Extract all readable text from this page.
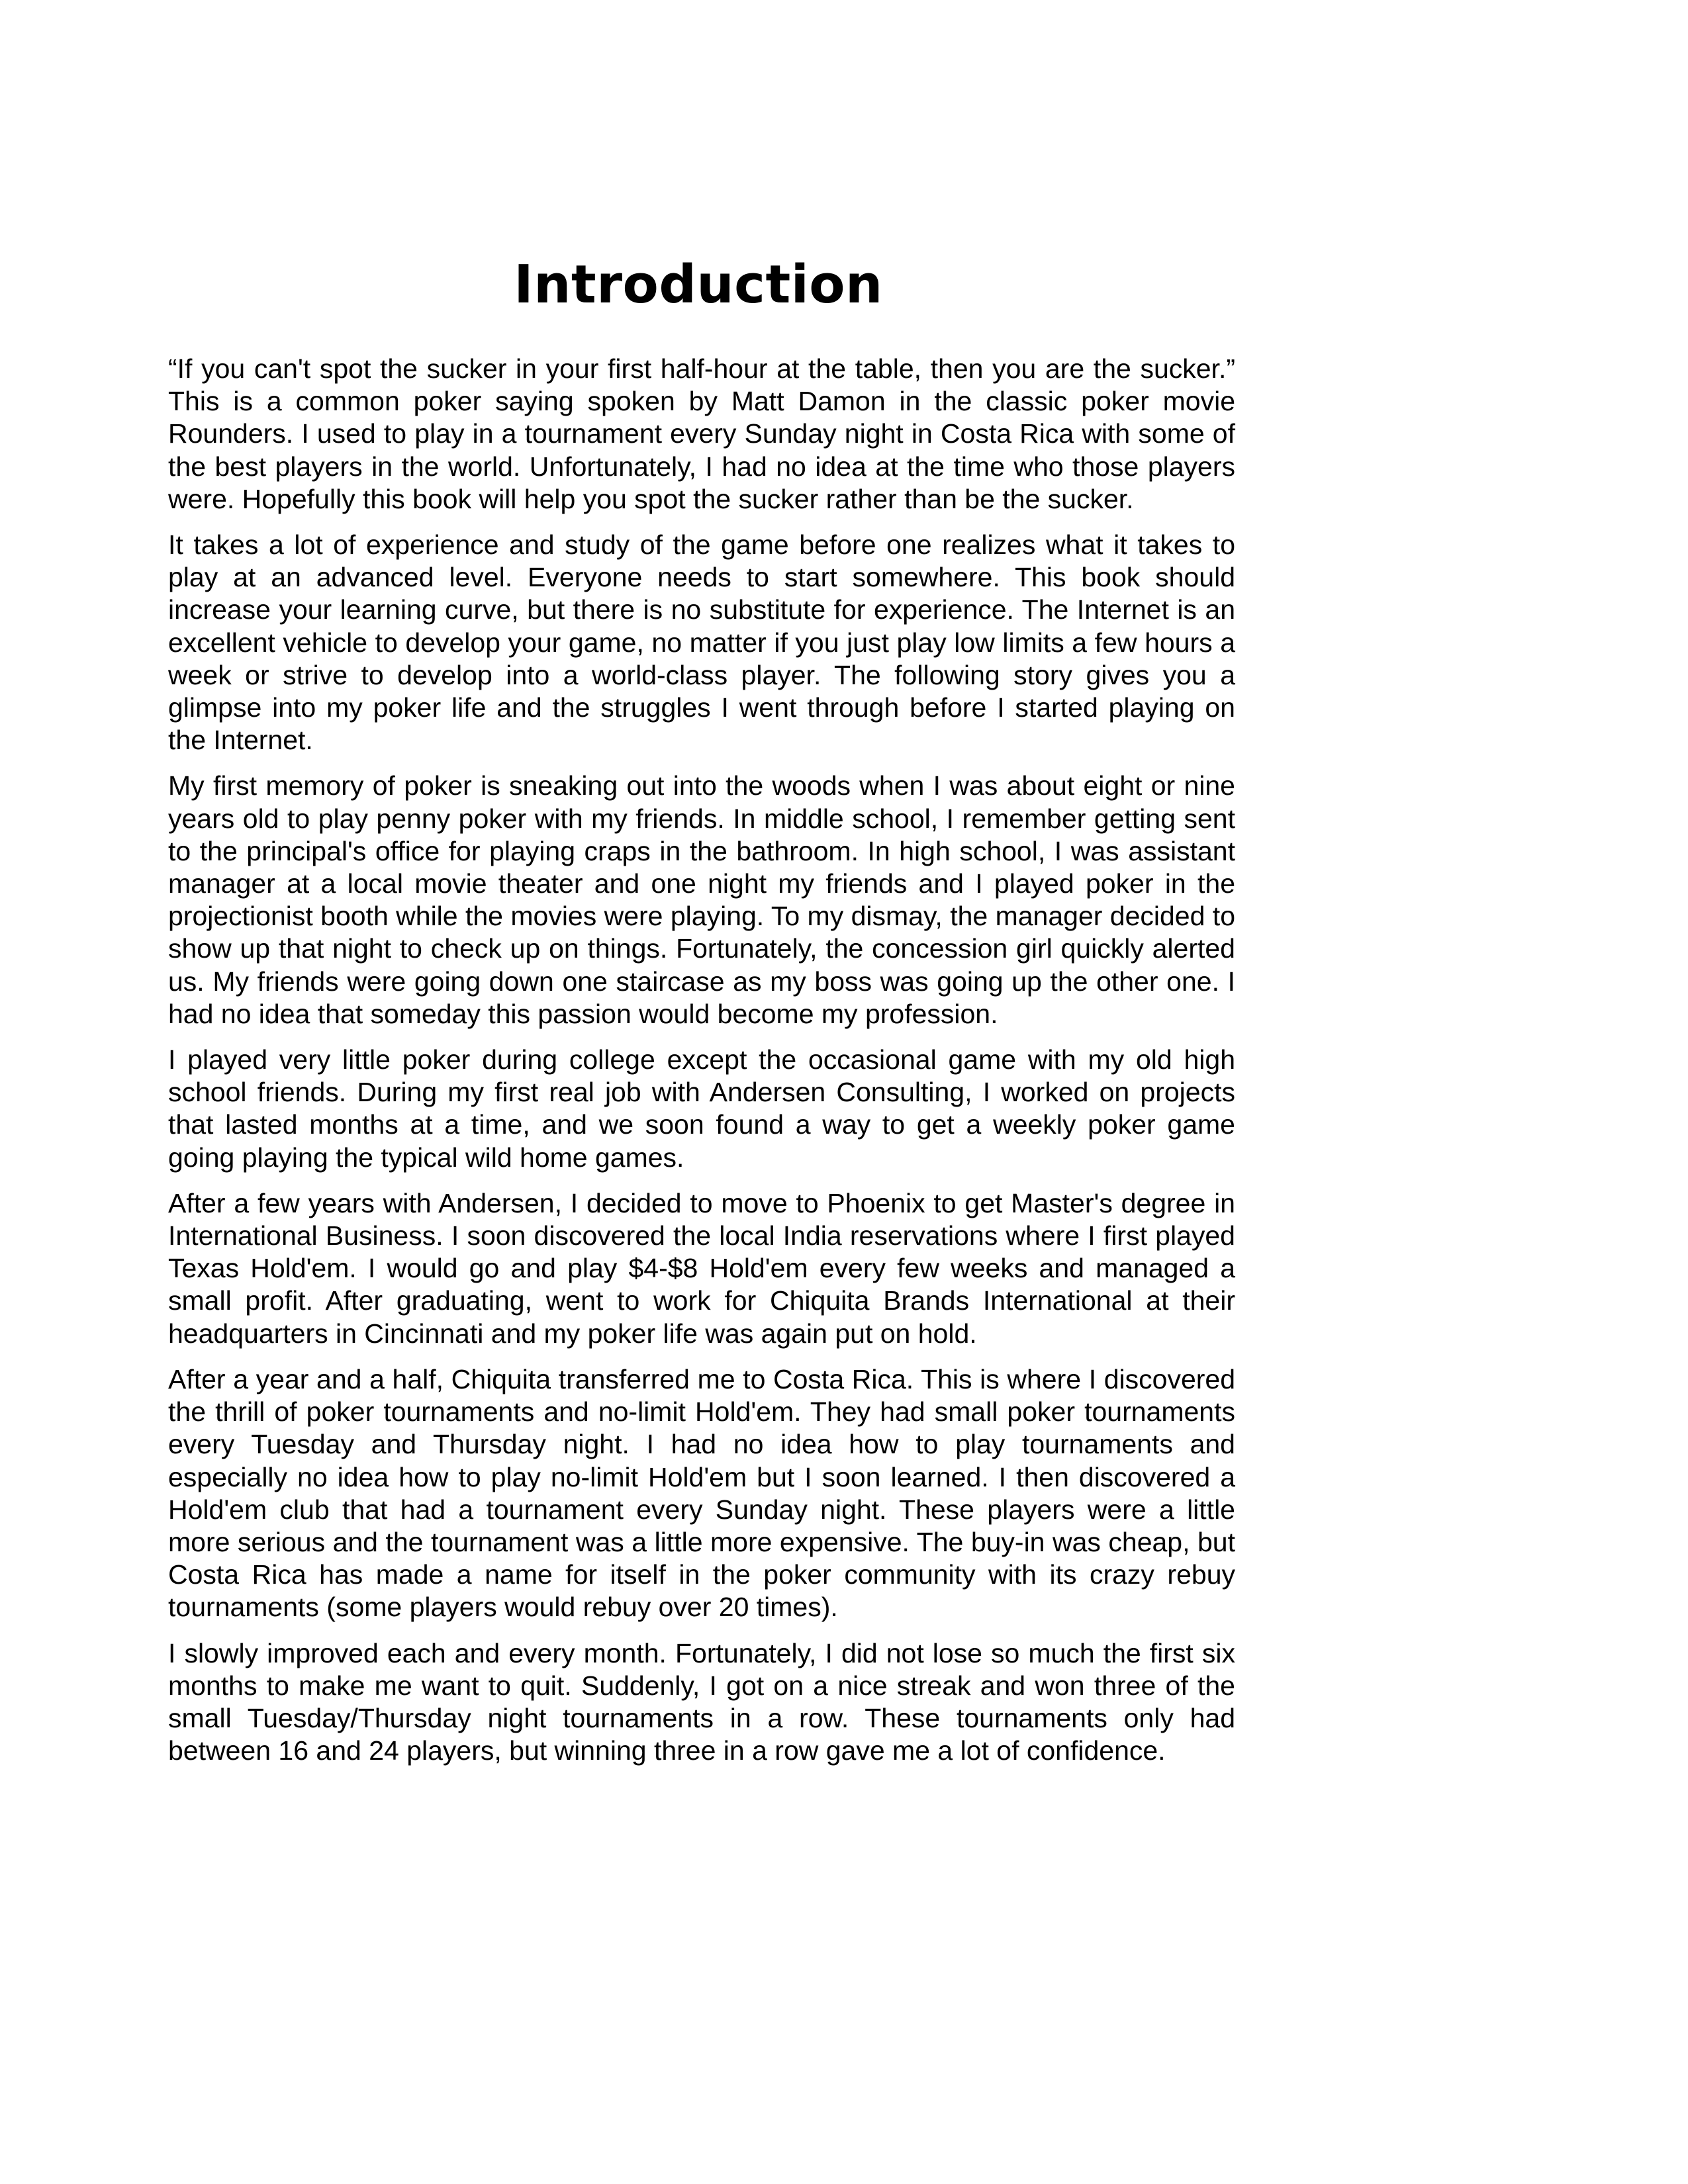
Introduction

“If you can't spot the sucker in your first half-hour at the table, then you are the sucker.” This is a common poker saying spoken by Matt Damon in the classic poker movie Rounders. I used to play in a tournament every Sunday night in Costa Rica with some of the best players in the world. Unfortunately, I had no idea at the time who those players were. Hopefully this book will help you spot the sucker rather than be the sucker.

It takes a lot of experience and study of the game before one realizes what it takes to play at an advanced level. Everyone needs to start somewhere. This book should increase your learning curve, but there is no substitute for experience. The Internet is an excellent vehicle to develop your game, no matter if you just play low limits a few hours a week or strive to develop into a world-class player. The following story gives you a glimpse into my poker life and the struggles I went through before I started playing on the Internet.

My first memory of poker is sneaking out into the woods when I was about eight or nine years old to play penny poker with my friends. In middle school, I remember getting sent to the principal's office for playing craps in the bathroom. In high school, I was assistant manager at a local movie theater and one night my friends and I played poker in the projectionist booth while the movies were playing. To my dismay, the manager decided to show up that night to check up on things. Fortunately, the concession girl quickly alerted us. My friends were going down one staircase as my boss was going up the other one. I had no idea that someday this passion would become my profession.

I played very little poker during college except the occasional game with my old high school friends. During my first real job with Andersen Consulting, I worked on projects that lasted months at a time, and we soon found a way to get a weekly poker game going playing the typical wild home games.

After a few years with Andersen, I decided to move to Phoenix to get Master's degree in International Business. I soon discovered the local India reservations where I first played Texas Hold'em. I would go and play $4-$8 Hold'em every few weeks and managed a small profit. After graduating, went to work for Chiquita Brands International at their headquarters in Cincinnati and my poker life was again put on hold.

After a year and a half, Chiquita transferred me to Costa Rica. This is where I discovered the thrill of poker tournaments and no-limit Hold'em. They had small poker tournaments every Tuesday and Thursday night. I had no idea how to play tournaments and especially no idea how to play no-limit Hold'em but I soon learned. I then discovered a Hold'em club that had a tournament every Sunday night. These players were a little more serious and the tournament was a little more expensive. The buy-in was cheap, but Costa Rica has made a name for itself in the poker community with its crazy rebuy tournaments (some players would rebuy over 20 times).

I slowly improved each and every month. Fortunately, I did not lose so much the first six months to make me want to quit. Suddenly, I got on a nice streak and won three of the small Tuesday/Thursday night tournaments in a row. These tournaments only had between 16 and 24 players, but winning three in a row gave me a lot of confidence.
